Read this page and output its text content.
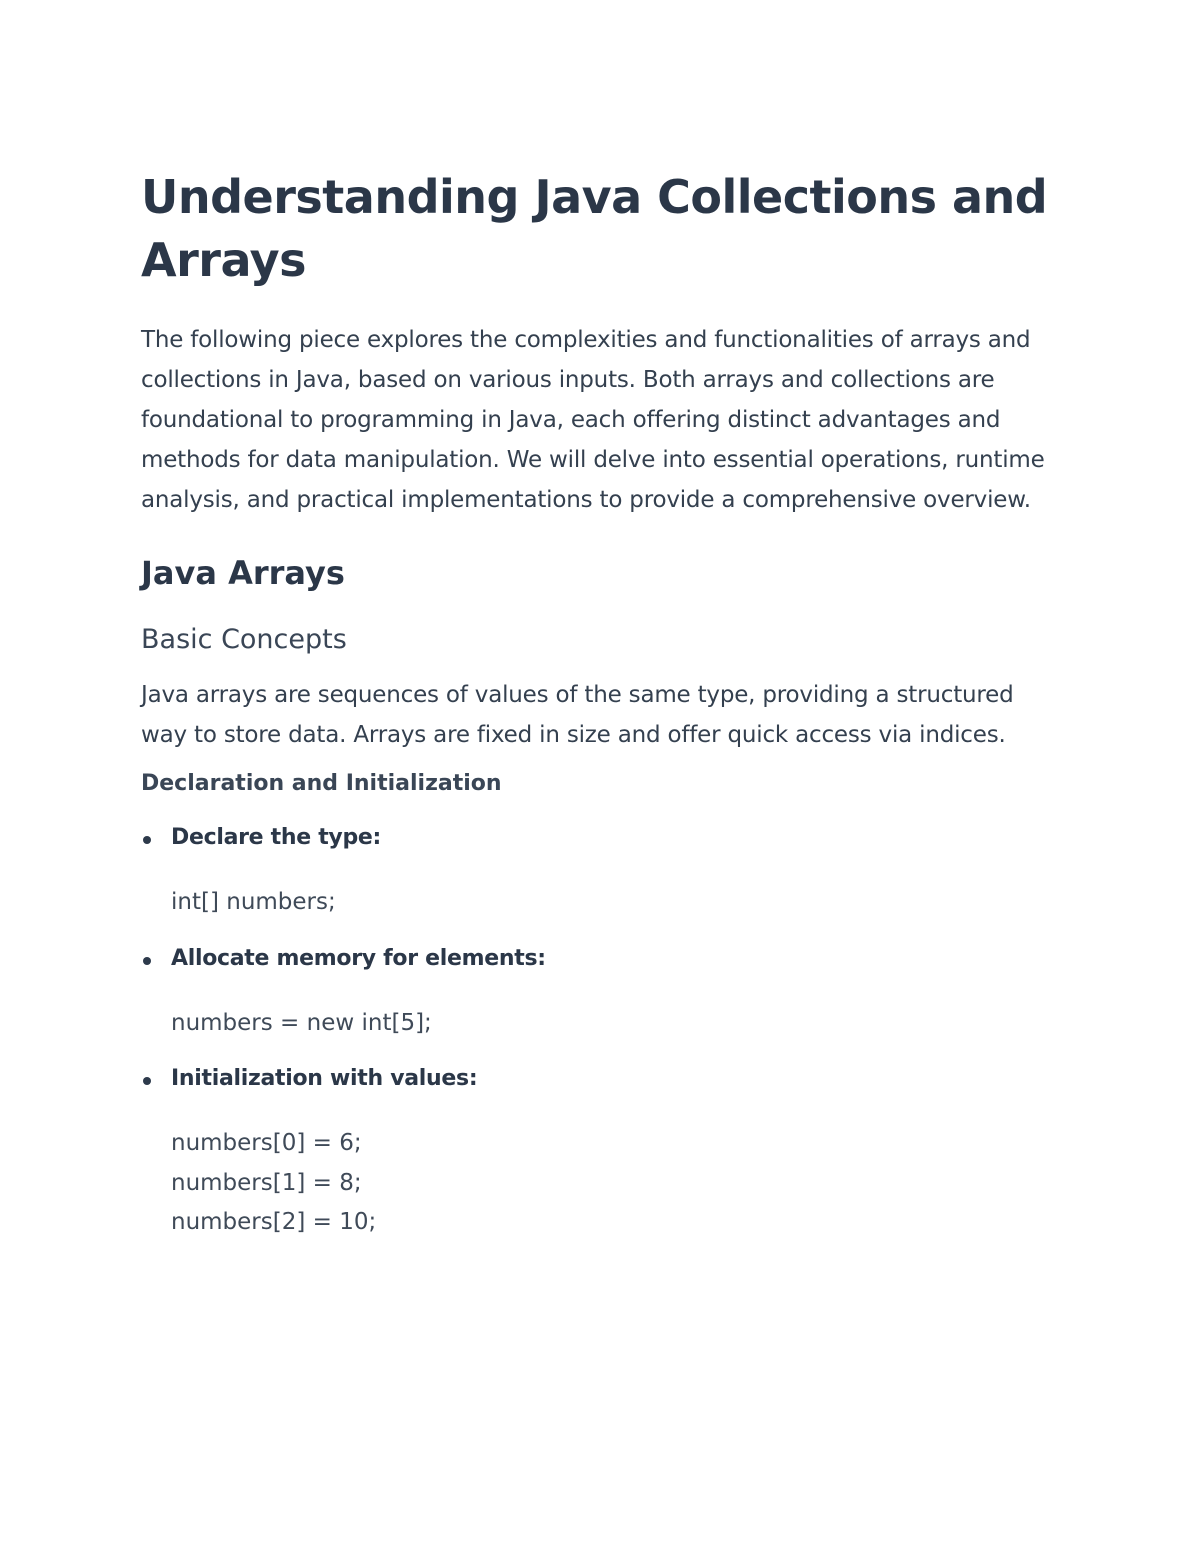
Understanding Java Collections and Arrays

The following piece explores the complexities and functionalities of arrays and collections in Java, based on various inputs. Both arrays and collections are foundational to programming in Java, each offering distinct advantages and methods for data manipulation. We will delve into essential operations, runtime analysis, and practical implementations to provide a comprehensive overview.

Java Arrays
Basic Concepts

Java arrays are sequences of values of the same type, providing a structured way to store data. Arrays are fixed in size and offer quick access via indices.

Declaration and Initialization
Declare the type:
int[] numbers;
Allocate memory for elements:
numbers = new int[5];
Initialization with values:
numbers[0] = 6;
numbers[1] = 8;
numbers[2] = 10;
